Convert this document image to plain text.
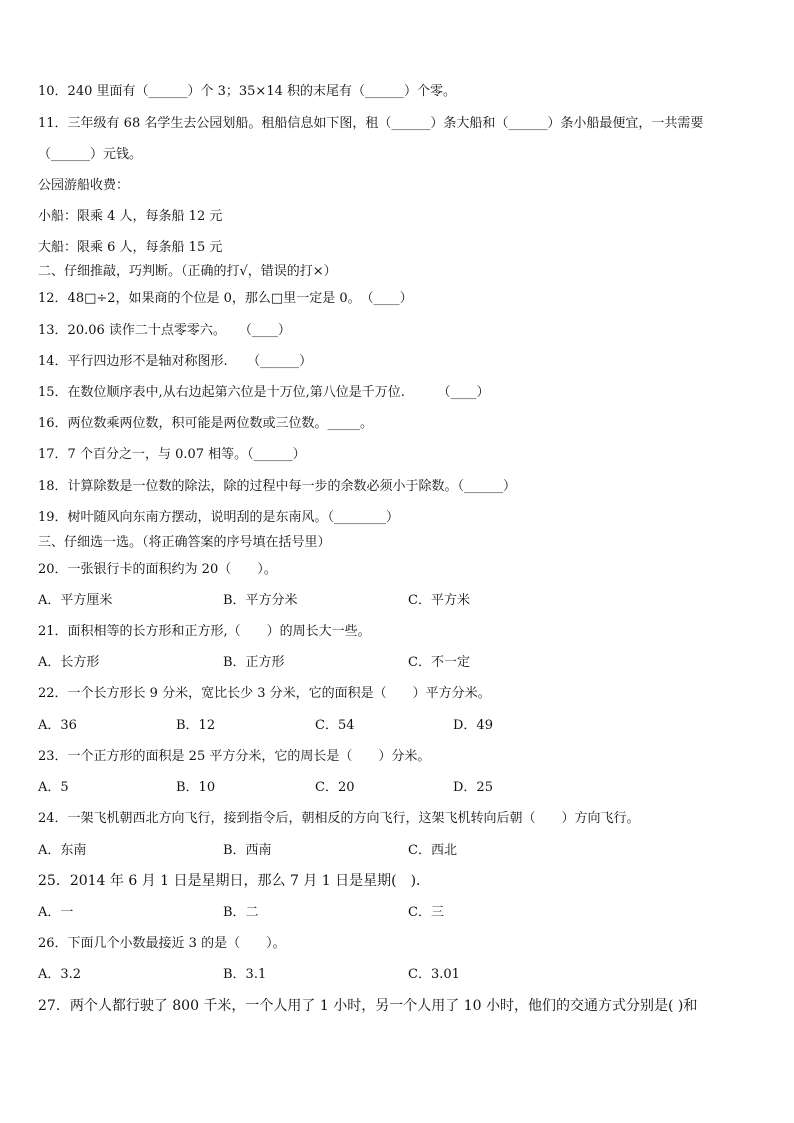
10．240 里面有（______）个 3；35×14 积的末尾有（______）个零。
11．三年级有 68 名学生去公园划船。租船信息如下图，租（______）条大船和（______）条小船最便宜，一共需要
（______）元钱。
公园游船收费：
小船：限乘 4 人，每条船 12 元
大船：限乘 6 人，每条船 15 元
二、仔细推敲，巧判断。（正确的打√，错误的打×）
12．48□÷2，如果商的个位是 0，那么□里一定是 0。　（____）
13．20.06 读作二十点零零六。　　（____）
14．平行四边形不是轴对称图形.　　（______）
15．在数位顺序表中,从右边起第六位是十万位,第八位是千万位.　　　（____）
16．两位数乘两位数，积可能是两位数或三位数。_____。
17．7 个百分之一，与 0.07 相等。（______）
18．计算除数是一位数的除法，除的过程中每一步的余数必须小于除数。（______）
19．树叶随风向东南方摆动，说明刮的是东南风。（________）
三、仔细选一选。（将正确答案的序号填在括号里）
20．一张银行卡的面积约为 20（　　）。
A．平方厘米	B．平方分米	C．平方米
21．面积相等的长方形和正方形,（　　）的周长大一些。
A．长方形	B．正方形	C．不一定
22．一个长方形长 9 分米，宽比长少 3 分米，它的面积是（　　）平方分米。
A．36	B．12	C．54	D．49
23．一个正方形的面积是 25 平方分米，它的周长是（　　）分米。
A．5	B．10	C．20	D．25
24．一架飞机朝西北方向飞行，接到指令后，朝相反的方向飞行，这架飞机转向后朝（　　）方向飞行。
A．东南	B．西南	C．西北
25．2014 年 6 月 1 日是星期日，那么 7 月 1 日是星期(　)．
A．一	B．二	C．三
26．下面几个小数最接近 3 的是（　　）。
A．3.2	B．3.1	C．3.01
27．两个人都行驶了 800 千米，一个人用了 1 小时，另一个人用了 10 小时，他们的交通方式分别是( )和
